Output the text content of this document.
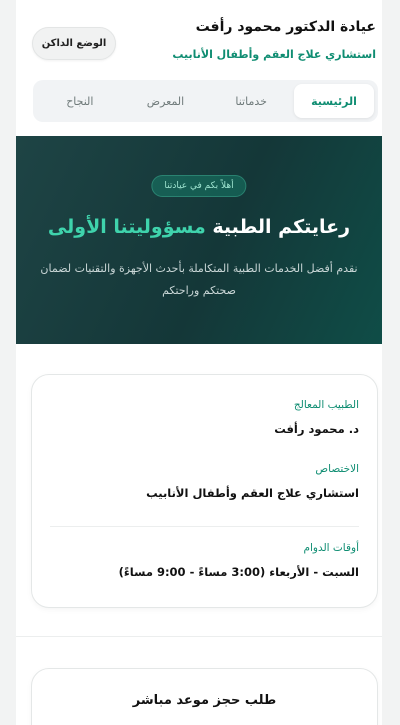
عيادة الدكتور محمود رأفت
استشاري علاج العقم وأطفال الأنابيب
الوضع الداكن
الرئيسية
خدماتنا
المعرض
النجاح
أهلاً بكم في عيادتنا
رعايتكم الطبية مسؤوليتنا الأولى

نقدم أفضل الخدمات الطبية المتكاملة بأحدث الأجهزة والتقنيات لضمان صحتكم وراحتكم

الطبيب المعالج
د. محمود رأفت
الاختصاص
استشاري علاج العقم وأطفال الأنابيب
أوقات الدوام
السبت - الأربعاء (3:00 مساءً - 9:00 مساءً)
طلب حجز موعد مباشر
